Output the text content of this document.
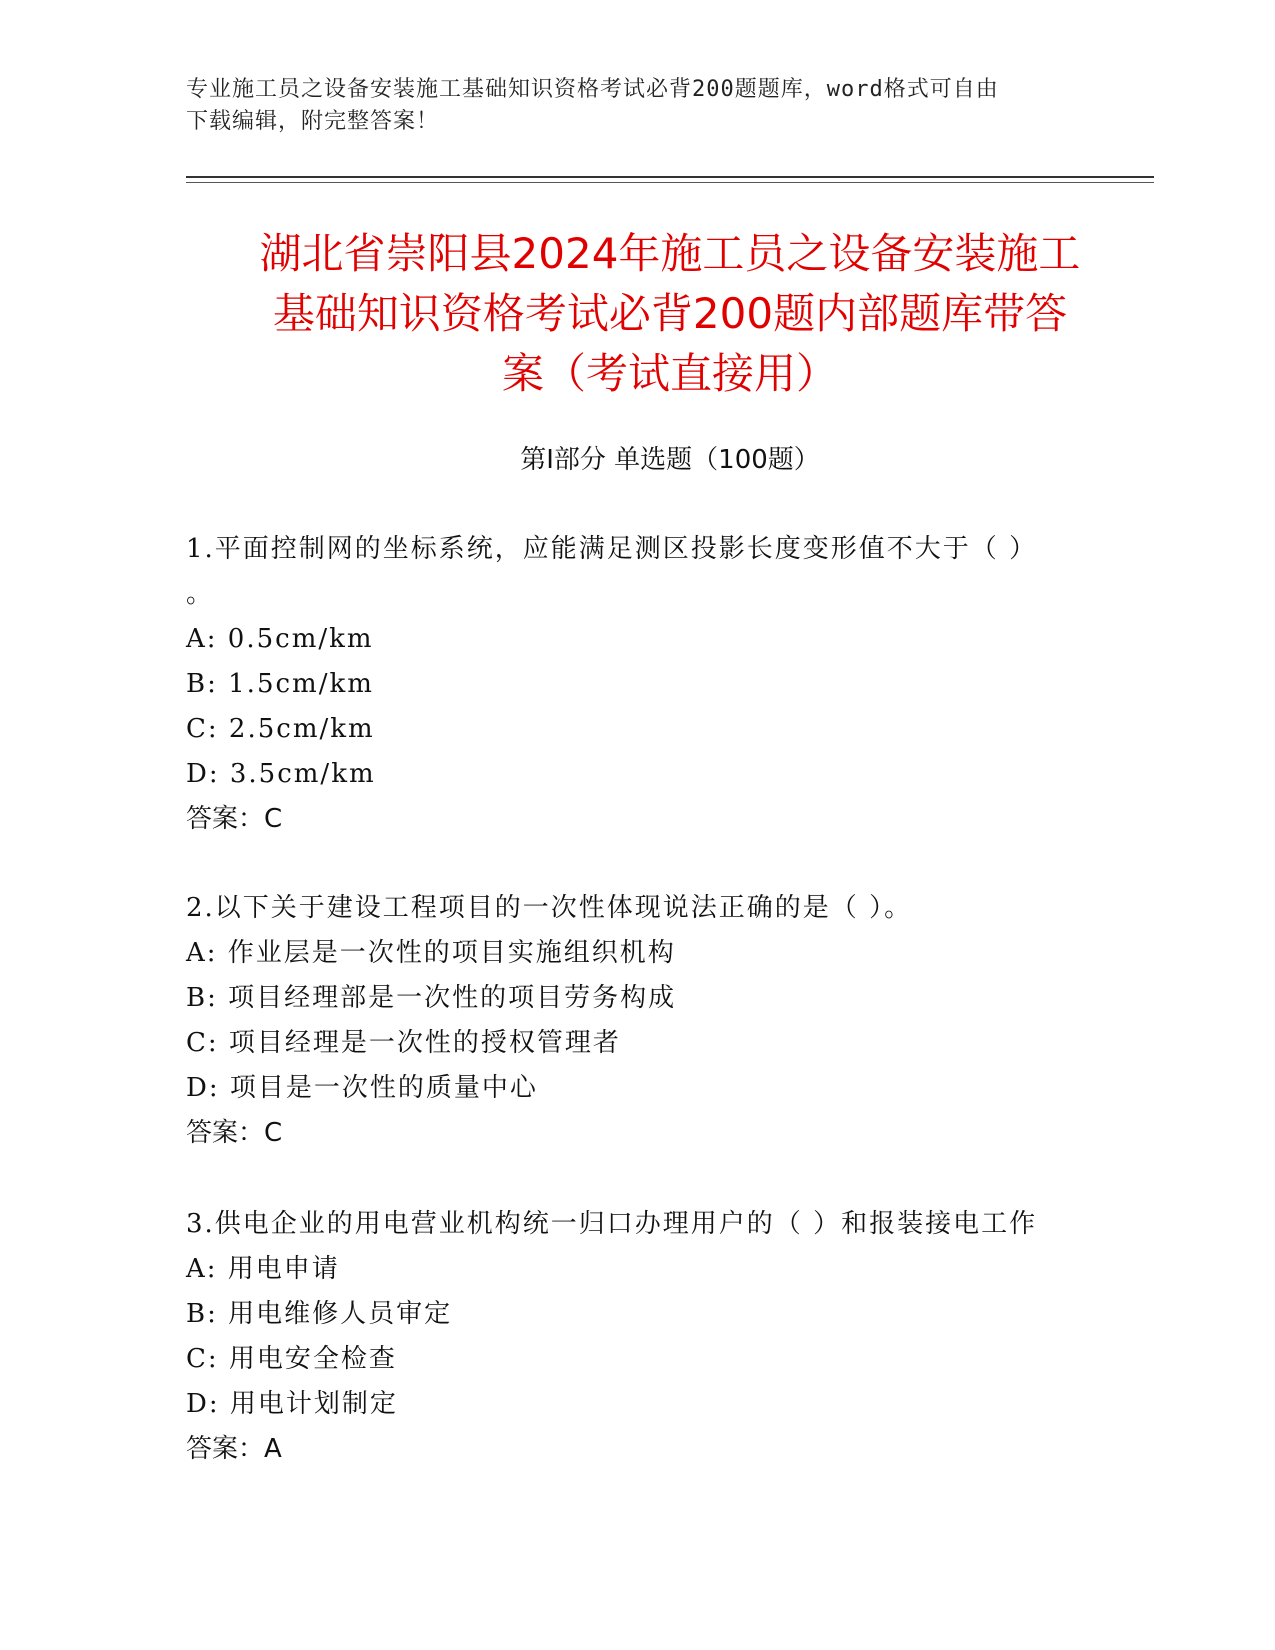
专业施工员之设备安装施工基础知识资格考试必背200题题库，word格式可自由
下载编辑，附完整答案！
湖北省崇阳县2024年施工员之设备安装施工
基础知识资格考试必背200题内部题库带答
案（考试直接用）
第Ⅰ部分 单选题（100题）
1.平面控制网的坐标系统，应能满足测区投影长度变形值不大于（ ）
。
A: 0.5cm/km
B: 1.5cm/km
C: 2.5cm/km
D: 3.5cm/km
答案：C
2.以下关于建设工程项目的一次性体现说法正确的是（ ）。
A: 作业层是一次性的项目实施组织机构
B: 项目经理部是一次性的项目劳务构成
C: 项目经理是一次性的授权管理者
D: 项目是一次性的质量中心
答案：C
3.供电企业的用电营业机构统一归口办理用户的（ ）和报装接电工作
A: 用电申请
B: 用电维修人员审定
C: 用电安全检查
D: 用电计划制定
答案：A
